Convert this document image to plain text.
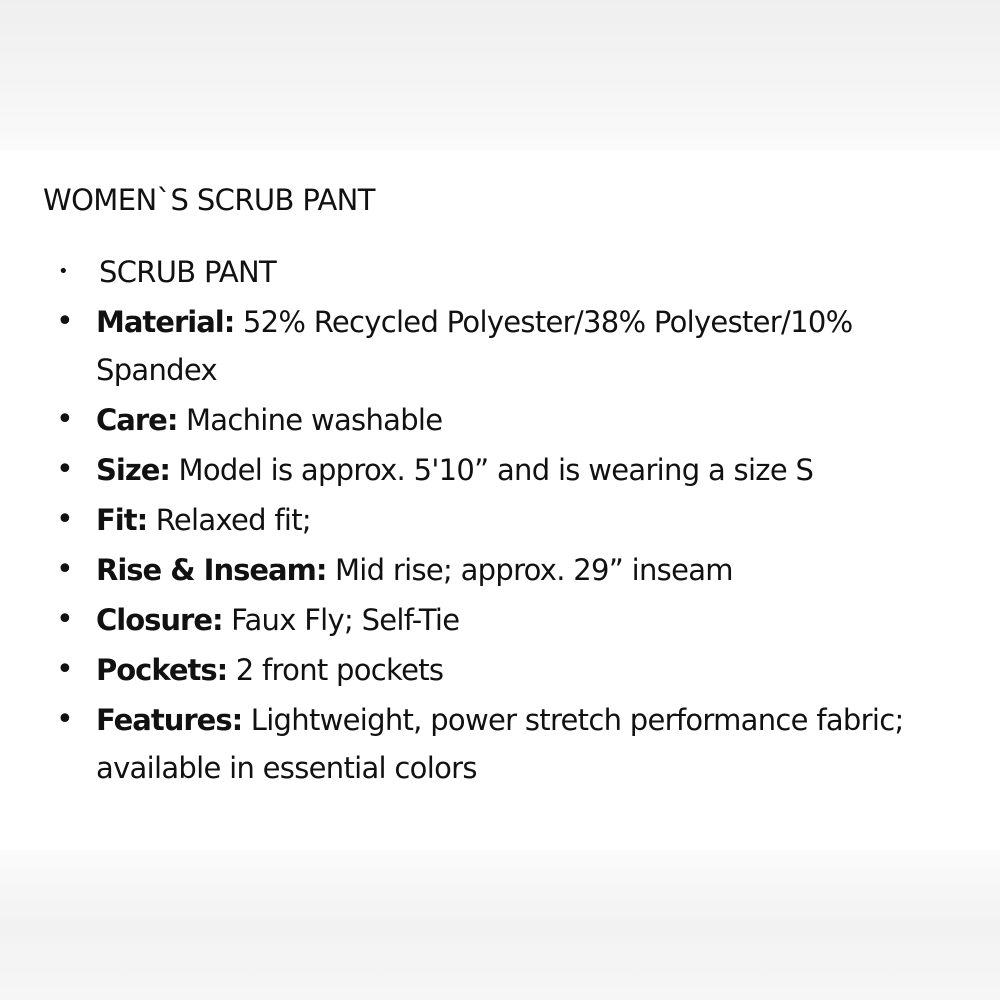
WOMEN`S SCRUB PANT
• SCRUB PANT
• Material: 52% Recycled Polyester/38% Polyester/10% Spandex
• Care: Machine washable
• Size: Model is approx. 5'10” and is wearing a size S
• Fit: Relaxed fit;
• Rise & Inseam: Mid rise; approx. 29” inseam
• Closure: Faux Fly; Self-Tie
• Pockets: 2 front pockets
• Features: Lightweight, power stretch performance fabric; available in essential colors
